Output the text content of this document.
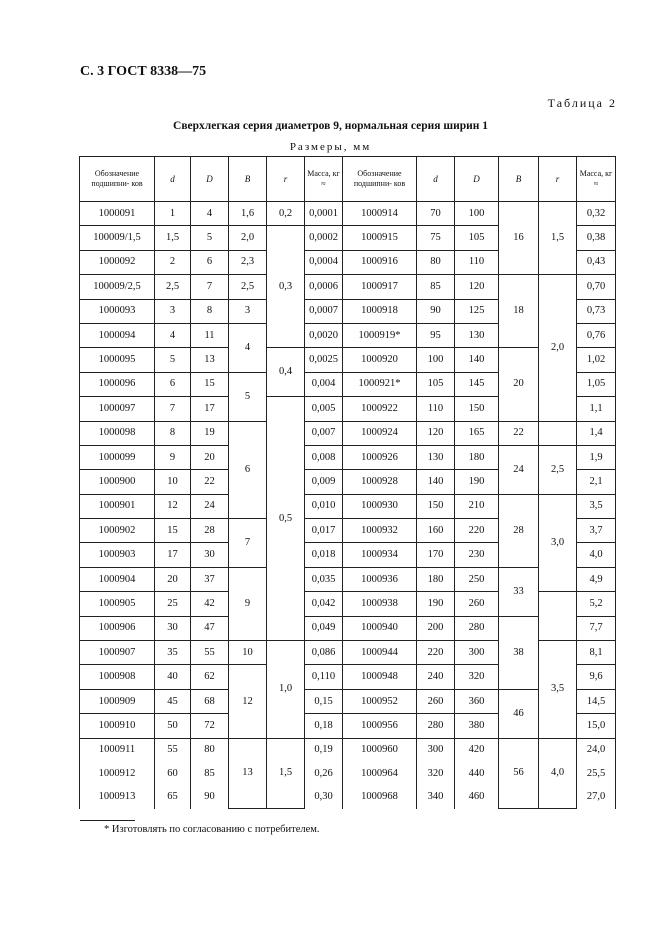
С. 3 ГОСТ 8338—75
Таблица 2
Сверхлегкая серия диаметров 9, нормальная серия ширин 1
Размеры, мм
Обозначение подшипни- ков	d	D	B	r	Масса, кг ≈	Обозначение подшипни- ков	d	D	B	r	Масса, кг ≈
1000091	1	4	1,6	0,2	0,0001	1000914	70	100	16	1,5	0,32
100009/1,5	1,5	5	2,0	0,3	0,0002	1000915	75	105			0,38
1000092	2	6	2,3		0,0004	1000916	80	110			0,43
100009/2,5	2,5	7	2,5		0,0006	1000917	85	120	18	2,0	0,70
1000093	3	8	3		0,0007	1000918	90	125			0,73
1000094	4	11	4		0,0020	1000919*	95	130			0,76
1000095	5	13		0,4	0,0025	1000920	100	140	20		1,02
1000096	6	15	5		0,004	1000921*	105	145			1,05
1000097	7	17		0,5	0,005	1000922	110	150			1,1
1000098	8	19	6		0,007	1000924	120	165	22		1,4
1000099	9	20			0,008	1000926	130	180	24	2,5	1,9
1000900	10	22			0,009	1000928	140	190			2,1
1000901	12	24			0,010	1000930	150	210	28	3,0	3,5
1000902	15	28	7		0,017	1000932	160	220			3,7
1000903	17	30			0,018	1000934	170	230			4,0
1000904	20	37	9		0,035	1000936	180	250	33		4,9
1000905	25	42			0,042	1000938	190	260			5,2
1000906	30	47			0,049	1000940	200	280	38		7,7
1000907	35	55	10	1,0	0,086	1000944	220	300		3,5	8,1
1000908	40	62	12		0,110	1000948	240	320			9,6
1000909	45	68			0,15	1000952	260	360	46		14,5
1000910	50	72			0,18	1000956	280	380			15,0
1000911	55	80	13	1,5	0,19	1000960	300	420	56	4,0	24,0
1000912	60	85			0,26	1000964	320	440			25,5
1000913	65	90			0,30	1000968	340	460			27,0
* Изготовлять по согласованию с потребителем.
